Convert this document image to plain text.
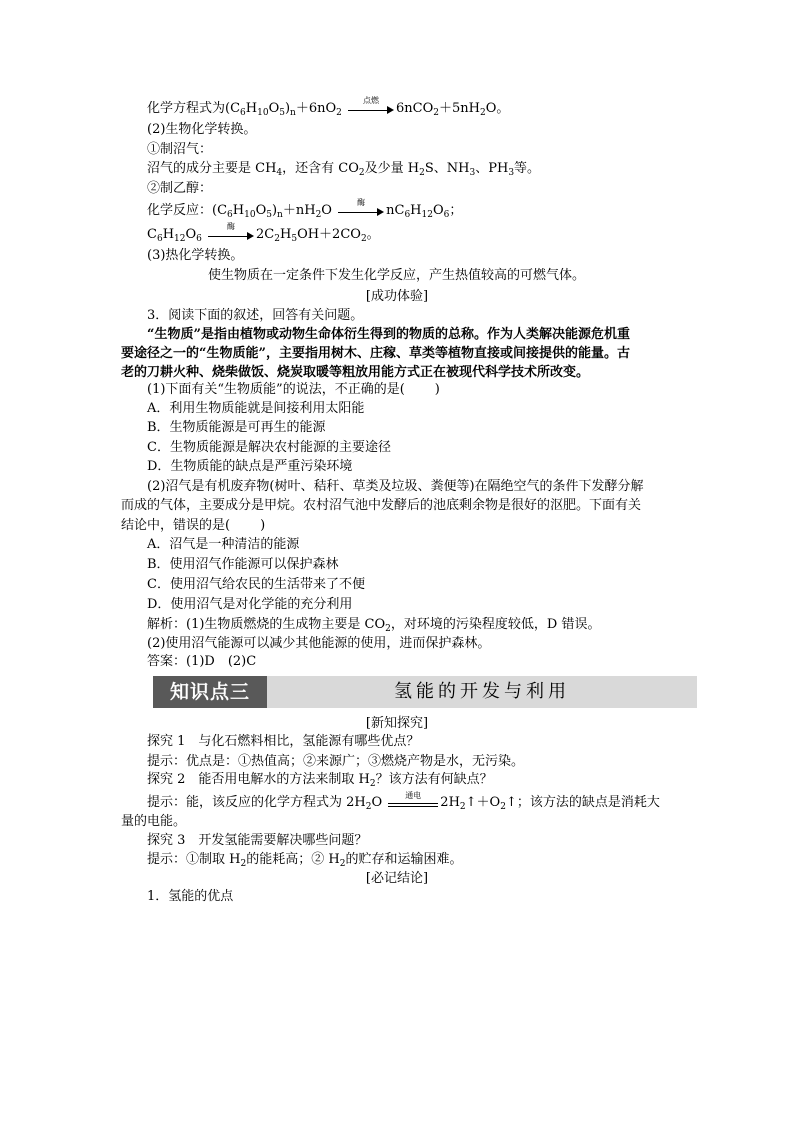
化学方程式为$(C_6H_{10}O_5)_n+6nO_2$
点燃
$6nCO_2+5nH_2O$。
(2)生物化学转换。
①制沼气：
沼气的成分主要是 $CH_4$，还含有 $CO_2$及少量 $H_2S$、$NH_3$、$PH_3$等。
②制乙醇：
化学反应：$(C_6H_{10}O_5)_n+nH_2O$
酶
$nC_6H_{12}O_6$；
$C_6H_{12}O_6$
酶
$2C_2H_5OH+2CO_2$。
(3)热化学转换。
使生物质在一定条件下发生化学反应，产生热值较高的可燃气体。
[成功体验]
3．阅读下面的叙述，回答有关问题。
“生物质”是指由植物或动物生命体衍生得到的物质的总称。作为人类解决能源危机重
要途径之一的“生物质能”，主要指用树木、庄稼、草类等植物直接或间接提供的能量。古
老的刀耕火种、烧柴做饭、烧炭取暖等粗放用能方式正在被现代科学技术所改变。
(1)下面有关“生物质能”的说法，不正确的是( )
A．利用生物质能就是间接利用太阳能
B．生物质能源是可再生的能源
C．生物质能源是解决农村能源的主要途径
D．生物质能的缺点是严重污染环境
(2)沼气是有机废弃物(树叶、秸秆、草类及垃圾、粪便等)在隔绝空气的条件下发酵分解
而成的气体，主要成分是甲烷。农村沼气池中发酵后的池底剩余物是很好的沤肥。下面有关
结论中，错误的是( )
A．沼气是一种清洁的能源
B．使用沼气作能源可以保护森林
C．使用沼气给农民的生活带来了不便
D．使用沼气是对化学能的充分利用
解析：(1)生物质燃烧的生成物主要是 $CO_2$，对环境的污染程度较低，D 错误。
(2)使用沼气能源可以减少其他能源的使用，进而保护森林。
答案：(1)D　(2)C
知识点三	氢能的开发与利用
[新知探究]
探究 1　与化石燃料相比，氢能源有哪些优点？
提示：优点是：①热值高；②来源广；③燃烧产物是水，无污染。
探究 2　能否用电解水的方法来制取 $H_2$？该方法有何缺点？
提示：能，该反应的化学方程式为 $2H_2O$	通电	$2H_2↑+O_2↑$；该方法的缺点是消耗大
量的电能。
探究 3　开发氢能需要解决哪些问题？
提示：①制取 $H_2$的能耗高；② $H_2$的贮存和运输困难。
[必记结论]
1．氢能的优点
